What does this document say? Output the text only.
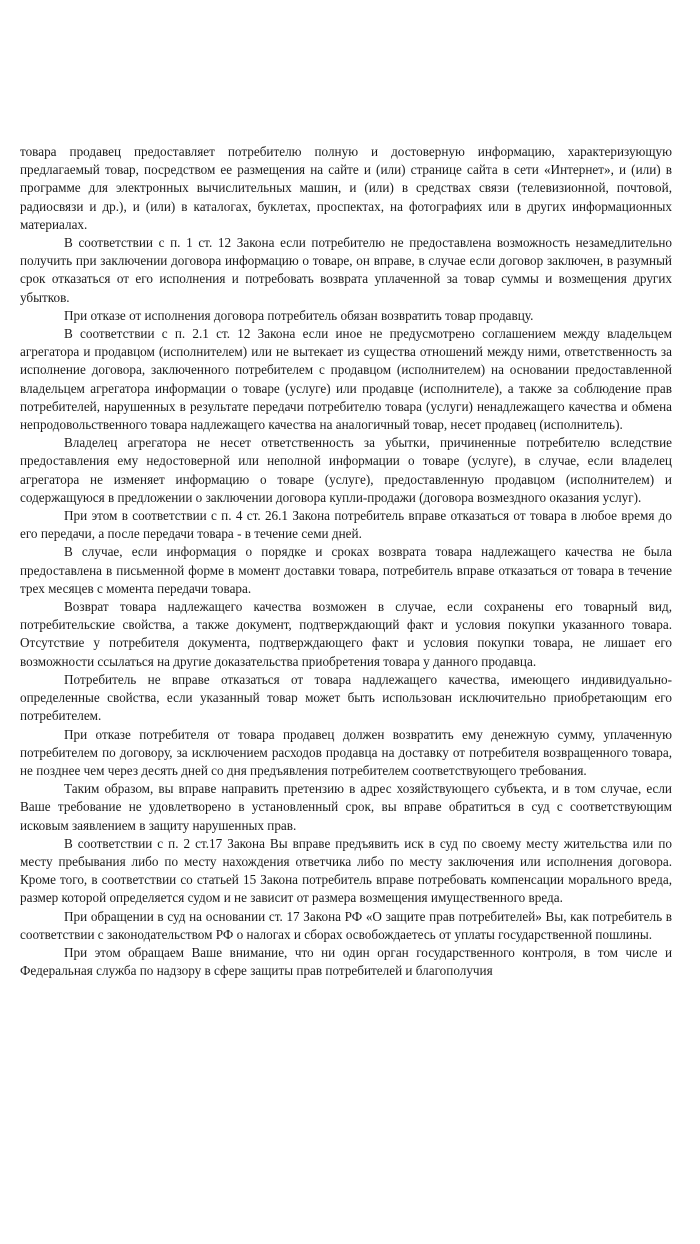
товара продавец предоставляет потребителю полную и достоверную информацию, характеризующую предлагаемый товар, посредством ее размещения на сайте и (или) странице сайта в сети «Интернет», и (или) в программе для электронных вычислительных машин, и (или) в средствах связи (телевизионной, почтовой, радиосвязи и др.), и (или) в каталогах, буклетах, проспектах, на фотографиях или в других информационных материалах.

В соответствии с п. 1 ст. 12 Закона если потребителю не предоставлена возможность незамедлительно получить при заключении договора информацию о товаре, он вправе, в случае если договор заключен, в разумный срок отказаться от его исполнения и потребовать возврата уплаченной за товар суммы и возмещения других убытков.

При отказе от исполнения договора потребитель обязан возвратить товар продавцу.

В соответствии с п. 2.1 ст. 12 Закона если иное не предусмотрено соглашением между владельцем агрегатора и продавцом (исполнителем) или не вытекает из существа отношений между ними, ответственность за исполнение договора, заключенного потребителем с продавцом (исполнителем) на основании предоставленной владельцем агрегатора информации о товаре (услуге) или продавце (исполнителе), а также за соблюдение прав потребителей, нарушенных в результате передачи потребителю товара (услуги) ненадлежащего качества и обмена непродовольственного товара надлежащего качества на аналогичный товар, несет продавец (исполнитель).

Владелец агрегатора не несет ответственность за убытки, причиненные потребителю вследствие предоставления ему недостоверной или неполной информации о товаре (услуге), в случае, если владелец агрегатора не изменяет информацию о товаре (услуге), предоставленную продавцом (исполнителем) и содержащуюся в предложении о заключении договора купли-продажи (договора возмездного оказания услуг).

При этом в соответствии с п. 4 ст. 26.1 Закона потребитель вправе отказаться от товара в любое время до его передачи, а после передачи товара - в течение семи дней.

В случае, если информация о порядке и сроках возврата товара надлежащего качества не была предоставлена в письменной форме в момент доставки товара, потребитель вправе отказаться от товара в течение трех месяцев с момента передачи товара.

Возврат товара надлежащего качества возможен в случае, если сохранены его товарный вид, потребительские свойства, а также документ, подтверждающий факт и условия покупки указанного товара. Отсутствие у потребителя документа, подтверждающего факт и условия покупки товара, не лишает его возможности ссылаться на другие доказательства приобретения товара у данного продавца.

Потребитель не вправе отказаться от товара надлежащего качества, имеющего индивидуально-определенные свойства, если указанный товар может быть использован исключительно приобретающим его потребителем.

При отказе потребителя от товара продавец должен возвратить ему денежную сумму, уплаченную потребителем по договору, за исключением расходов продавца на доставку от потребителя возвращенного товара, не позднее чем через десять дней со дня предъявления потребителем соответствующего требования.

Таким образом, вы вправе направить претензию в адрес хозяйствующего субъекта, и в том случае, если Ваше требование не удовлетворено в установленный срок, вы вправе обратиться в суд с соответствующим исковым заявлением в защиту нарушенных прав.

В соответствии с п. 2 ст.17 Закона Вы вправе предъявить иск в суд по своему месту жительства или по месту пребывания либо по месту нахождения ответчика либо по месту заключения или исполнения договора. Кроме того, в соответствии со статьей 15 Закона потребитель вправе потребовать компенсации морального вреда, размер которой определяется судом и не зависит от размера возмещения имущественного вреда.

При обращении в суд на основании ст. 17 Закона РФ «О защите прав потребителей» Вы, как потребитель в соответствии с законодательством РФ о налогах и сборах освобождаетесь от уплаты государственной пошлины.

При этом обращаем Ваше внимание, что ни один орган государственного контроля, в том числе и Федеральная служба по надзору в сфере защиты прав потребителей и благополучия
